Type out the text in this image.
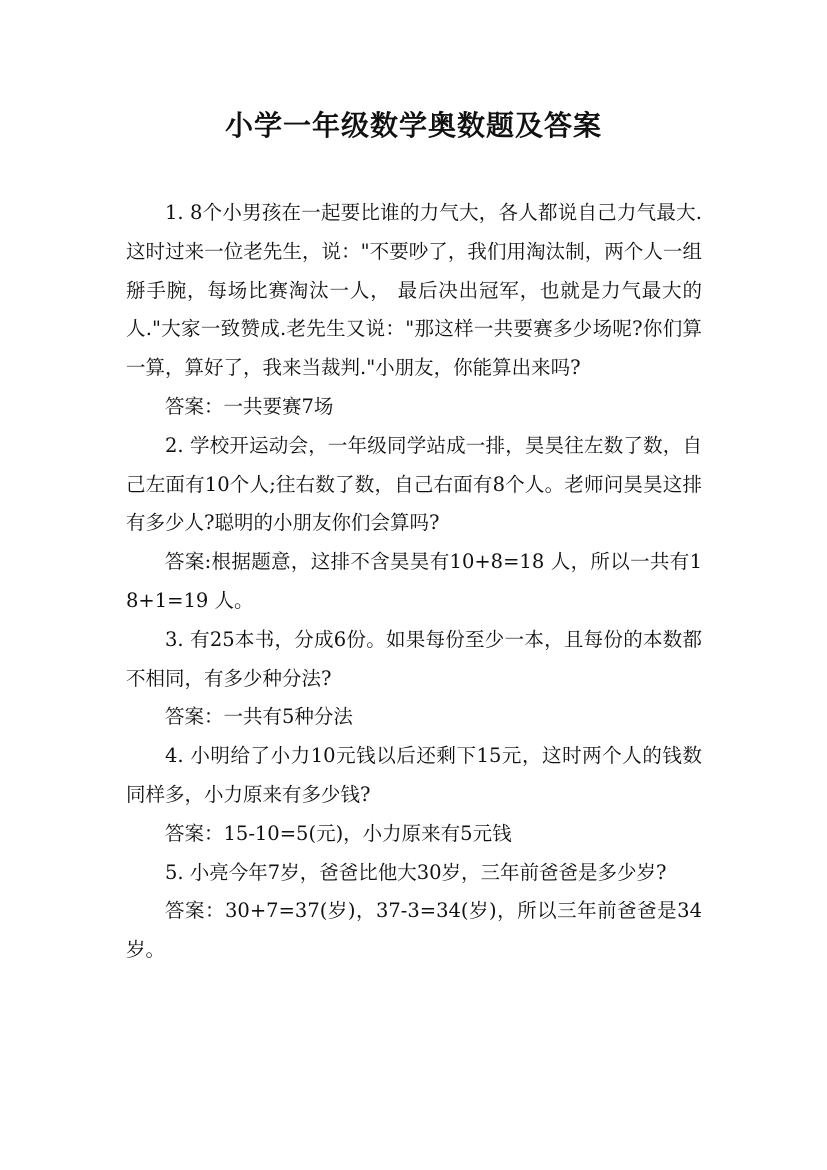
小学一年级数学奥数题及答案

1. 8个小男孩在一起要比谁的力气大，各人都说自己力气最大.这时过来一位老先生，说："不要吵了，我们用淘汰制，两个人一组掰手腕，每场比赛淘汰一人， 最后决出冠军，也就是力气最大的人."大家一致赞成.老先生又说："那这样一共要赛多少场呢?你们算一算，算好了，我来当裁判."小朋友，你能算出来吗?

答案：一共要赛7场

2. 学校开运动会，一年级同学站成一排，昊昊往左数了数，自己左面有10个人;往右数了数，自己右面有8个人。老师问昊昊这排有多少人?聪明的小朋友你们会算吗?

答案:根据题意，这排不含昊昊有10+8=18 人，所以一共有18+1=19 人。

3. 有25本书，分成6份。如果每份至少一本，且每份的本数都不相同，有多少种分法?

答案：一共有5种分法

4. 小明给了小力10元钱以后还剩下15元，这时两个人的钱数同样多，小力原来有多少钱?

答案：15-10=5(元)，小力原来有5元钱

5. 小亮今年7岁，爸爸比他大30岁，三年前爸爸是多少岁?

答案：30+7=37(岁)，37-3=34(岁)，所以三年前爸爸是34岁。
